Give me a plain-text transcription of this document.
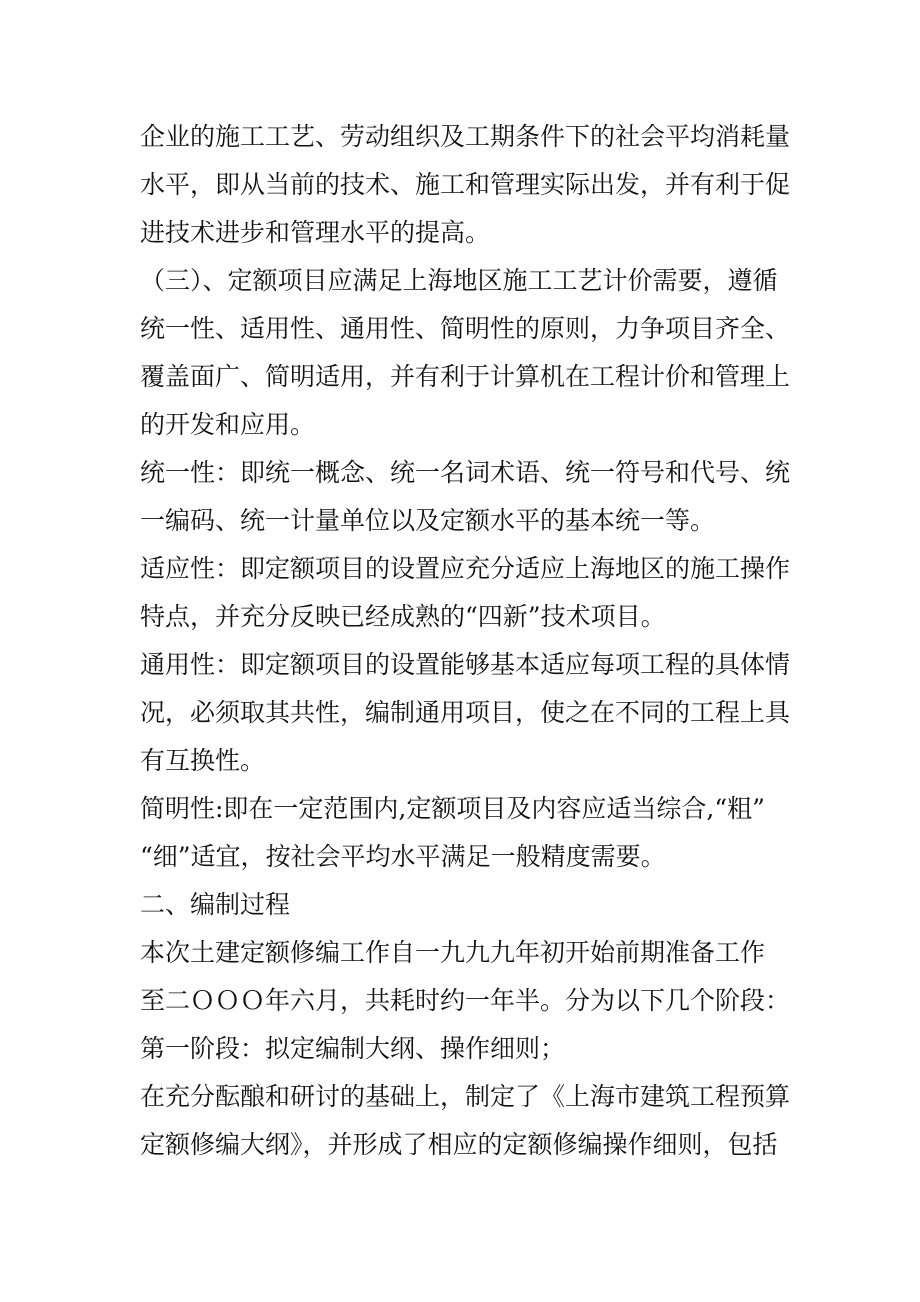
企业的施工工艺、劳动组织及工期条件下的社会平均消耗量

水平，即从当前的技术、施工和管理实际出发，并有利于促

进技术进步和管理水平的提高。

（三）、定额项目应满足上海地区施工工艺计价需要，遵循

统一性、适用性、通用性、简明性的原则，力争项目齐全、

覆盖面广、简明适用，并有利于计算机在工程计价和管理上

的开发和应用。

统一性：即统一概念、统一名词术语、统一符号和代号、统

一编码、统一计量单位以及定额水平的基本统一等。

适应性：即定额项目的设置应充分适应上海地区的施工操作

特点，并充分反映已经成熟的“四新”技术项目。

通用性：即定额项目的设置能够基本适应每项工程的具体情

况，必须取其共性，编制通用项目，使之在不同的工程上具

有互换性。

简明性:即在一定范围内,定额项目及内容应适当综合,“粗”

“细”适宜，按社会平均水平满足一般精度需要。

二、编制过程

本次土建定额修编工作自一九九九年初开始前期准备工作

至二ＯＯＯ年六月，共耗时约一年半。分为以下几个阶段：

第一阶段：拟定编制大纲、操作细则；

在充分酝酿和研讨的基础上，制定了《上海市建筑工程预算

定额修编大纲》，并形成了相应的定额修编操作细则，包括
